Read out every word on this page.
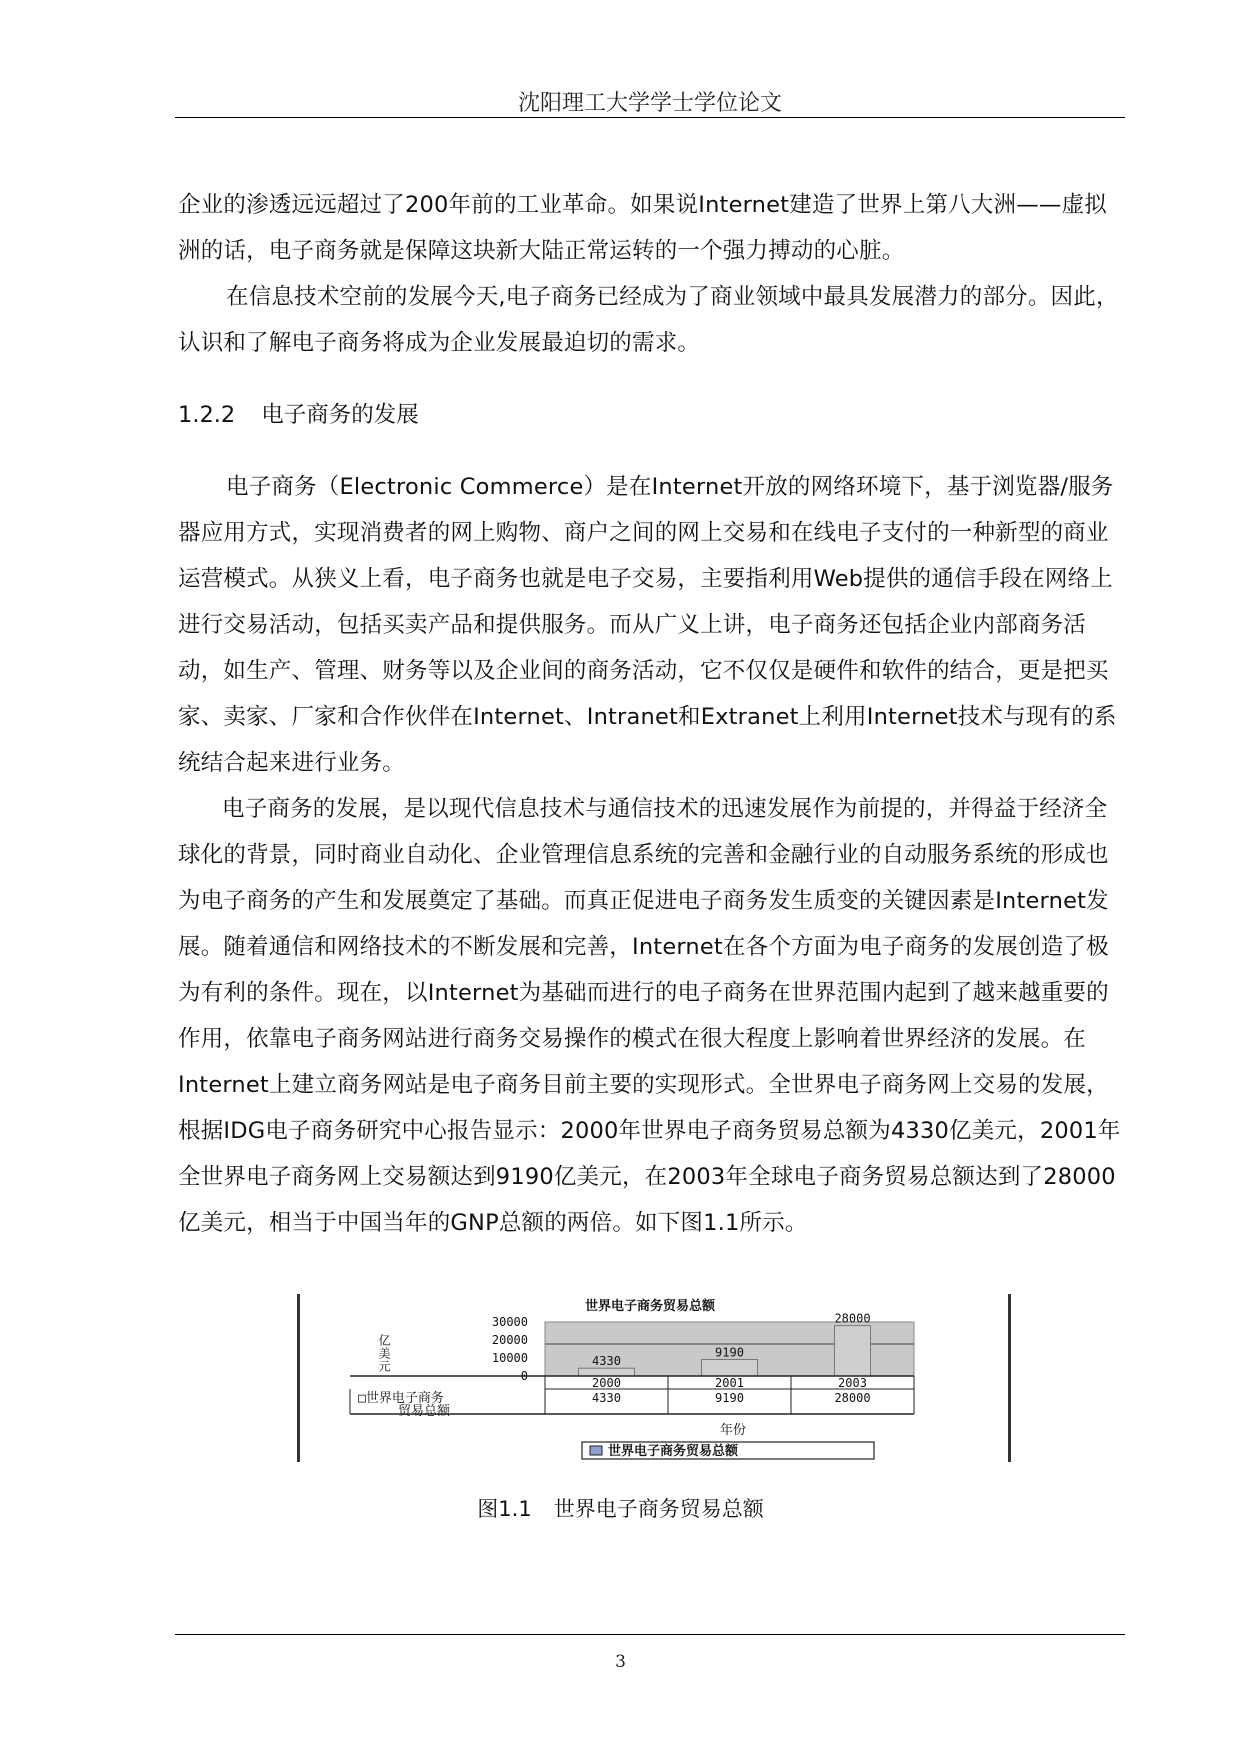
沈阳理工大学学士学位论文

企业的渗透远远超过了200年前的工业革命。如果说Internet建造了世界上第八大洲——虚拟洲的话，电子商务就是保障这块新大陆正常运转的一个强力搏动的心脏。

在信息技术空前的发展今天,电子商务已经成为了商业领域中最具发展潜力的部分。因此，认识和了解电子商务将成为企业发展最迫切的需求。

1.2.2 电子商务的发展

电子商务（Electronic Commerce）是在Internet开放的网络环境下，基于浏览器/服务器应用方式，实现消费者的网上购物、商户之间的网上交易和在线电子支付的一种新型的商业运营模式。从狭义上看，电子商务也就是电子交易，主要指利用Web提供的通信手段在网络上进行交易活动，包括买卖产品和提供服务。而从广义上讲，电子商务还包括企业内部商务活动，如生产、管理、财务等以及企业间的商务活动，它不仅仅是硬件和软件的结合，更是把买家、卖家、厂家和合作伙伴在Internet、Intranet和Extranet上利用Internet技术与现有的系统结合起来进行业务。

电子商务的发展，是以现代信息技术与通信技术的迅速发展作为前提的，并得益于经济全球化的背景，同时商业自动化、企业管理信息系统的完善和金融行业的自动服务系统的形成也为电子商务的产生和发展奠定了基础。而真正促进电子商务发生质变的关键因素是Internet发展。随着通信和网络技术的不断发展和完善，Internet在各个方面为电子商务的发展创造了极为有利的条件。现在，以Internet为基础而进行的电子商务在世界范围内起到了越来越重要的作用，依靠电子商务网站进行商务交易操作的模式在很大程度上影响着世界经济的发展。在Internet上建立商务网站是电子商务目前主要的实现形式。全世界电子商务网上交易的发展，根据IDG电子商务研究中心报告显示：2000年世界电子商务贸易总额为4330亿美元，2001年全世界电子商务网上交易额达到9190亿美元，在2003年全球电子商务贸易总额达到了28000亿美元，相当于中国当年的GNP总额的两倍。如下图1.1所示。

世界电子商务贸易总额
30000
20000
10000
0
亿美元	4330
9190
28000
2000
4330
2001
9190
2003
28000
□世界电子商务
贸易总额
年份
世界电子商务贸易总额
图1.1 世界电子商务贸易总额
3
